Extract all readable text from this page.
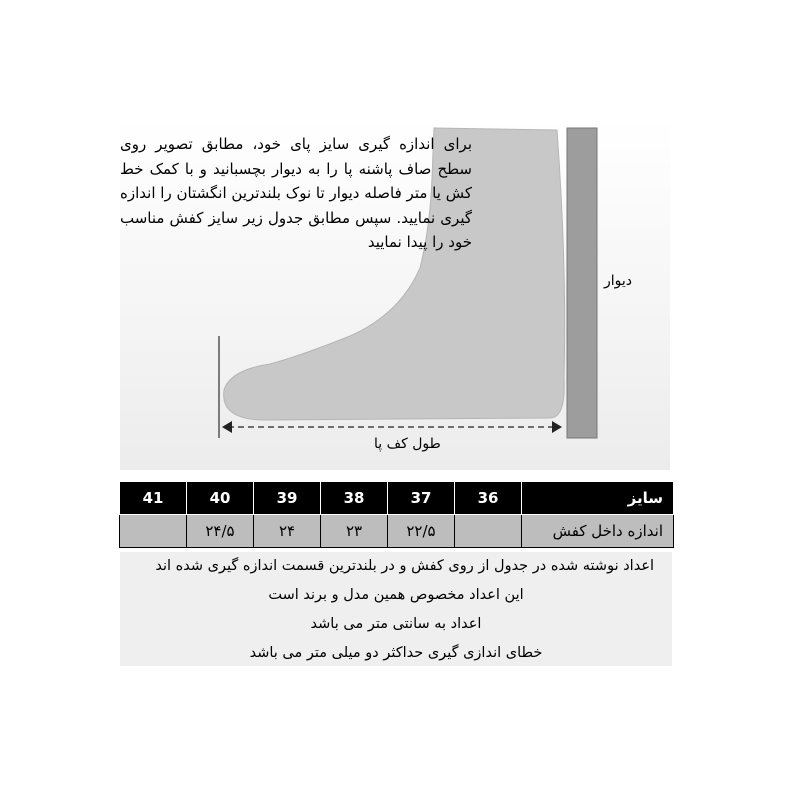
برای اندازه گیری سایز پای خود، مطابق تصویر روی سطح صاف پاشنه پا را به دیوار بچسبانید و با کمک خط کش یا متر فاصله دیوار تا نوک بلندترین انگشتان را اندازه گیری نمایید. سپس مطابق جدول زیر سایز کفش مناسب خود را پیدا نمایید
دیوار
طول کف پا
41	40	39	38	37	36	سایز
	۲۴/۵	۲۴	۲۳	۲۲/۵		اندازه داخل کفش
اعداد نوشته شده در جدول از روی کفش و در بلندترین قسمت اندازه گیری شده اند
این اعداد مخصوص همین مدل و برند است
اعداد به سانتی متر می باشد
خطای اندازی گیری حداکثر دو میلی متر می باشد
